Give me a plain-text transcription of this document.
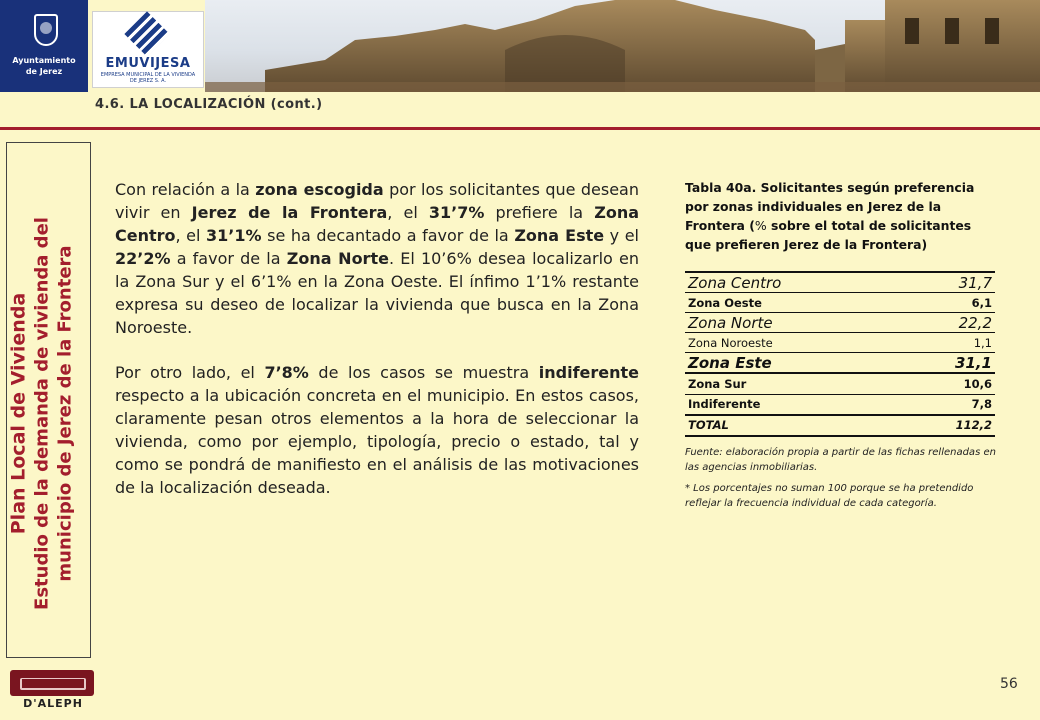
Ayuntamiento
de Jerez
EMUVIJESA
EMPRESA MUNICIPAL DE LA VIVIENDA DE JEREZ S. A.
4.6. LA LOCALIZACIÓN (cont.)
Plan Local de Vivienda Estudio de la demanda de vivienda del municipio de Jerez de la Frontera

Con relación a la zona escogida por los solicitantes que desean vivir en Jerez de la Frontera, el 31’7% prefiere la Zona Centro, el 31’1% se ha decantado a favor de la Zona Este y el 22’2% a favor de la Zona Norte. El 10’6% desea localizarlo en la Zona Sur y el 6’1% en la Zona Oeste. El ínfimo 1’1% restante expresa su deseo de localizar la vivienda que busca en la Zona Noroeste.

Por otro lado, el 7’8% de los casos se muestra indiferente respecto a la ubicación concreta en el municipio. En estos casos, claramente pesan otros elementos a la hora de seleccionar la vivienda, como por ejemplo, tipología, precio o estado, tal y como se pondrá de manifiesto en el análisis de las motivaciones de la localización deseada.

Tabla 40a. Solicitantes según preferencia por zonas individuales en Jerez de la Frontera (% sobre el total de solicitantes que prefieren Jerez de la Frontera)
Zona Centro	31,7
Zona Oeste	6,1
Zona Norte	22,2
Zona Noroeste	1,1
Zona Este	31,1
Zona Sur	10,6
Indiferente	7,8
TOTAL	112,2

Fuente: elaboración propia a partir de las fichas rellenadas en las agencias inmobiliarias.

* Los porcentajes no suman 100 porque se ha pretendido reflejar la frecuencia individual de cada categoría.

D'ALEPH
56
